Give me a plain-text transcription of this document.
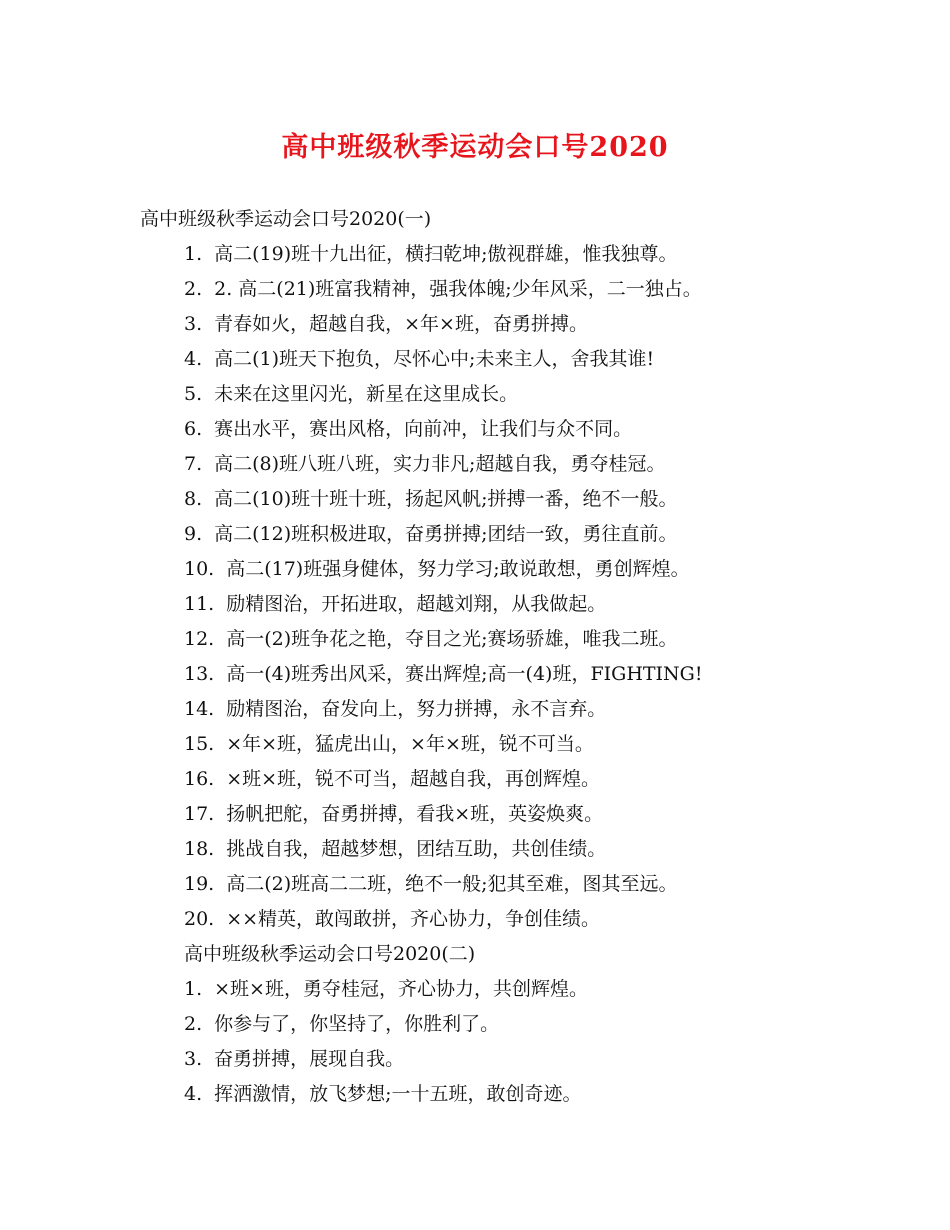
高中班级秋季运动会口号2020
高中班级秋季运动会口号2020(一)
1. 高二(19)班十九出征，横扫乾坤;傲视群雄，惟我独尊。
2. 2. 高二(21)班富我精神，强我体魄;少年风采，二一独占。
3. 青春如火，超越自我，×年×班，奋勇拼搏。
4. 高二(1)班天下抱负，尽怀心中;未来主人，舍我其谁!
5. 未来在这里闪光，新星在这里成长。
6. 赛出水平，赛出风格，向前冲，让我们与众不同。
7. 高二(8)班八班八班，实力非凡;超越自我，勇夺桂冠。
8. 高二(10)班十班十班，扬起风帆;拼搏一番，绝不一般。
9. 高二(12)班积极进取，奋勇拼搏;团结一致，勇往直前。
10. 高二(17)班强身健体，努力学习;敢说敢想，勇创辉煌。
11. 励精图治，开拓进取，超越刘翔，从我做起。
12. 高一(2)班争花之艳，夺目之光;赛场骄雄，唯我二班。
13. 高一(4)班秀出风采，赛出辉煌;高一(4)班，FIGHTING!
14. 励精图治，奋发向上，努力拼搏，永不言弃。
15. ×年×班，猛虎出山，×年×班，锐不可当。
16. ×班×班，锐不可当，超越自我，再创辉煌。
17. 扬帆把舵，奋勇拼搏，看我×班，英姿焕爽。
18. 挑战自我，超越梦想，团结互助，共创佳绩。
19. 高二(2)班高二二班，绝不一般;犯其至难，图其至远。
20. ××精英，敢闯敢拼，齐心协力，争创佳绩。
高中班级秋季运动会口号2020(二)
1. ×班×班，勇夺桂冠，齐心协力，共创辉煌。
2. 你参与了，你坚持了，你胜利了。
3. 奋勇拼搏，展现自我。
4. 挥洒激情，放飞梦想;一十五班，敢创奇迹。
